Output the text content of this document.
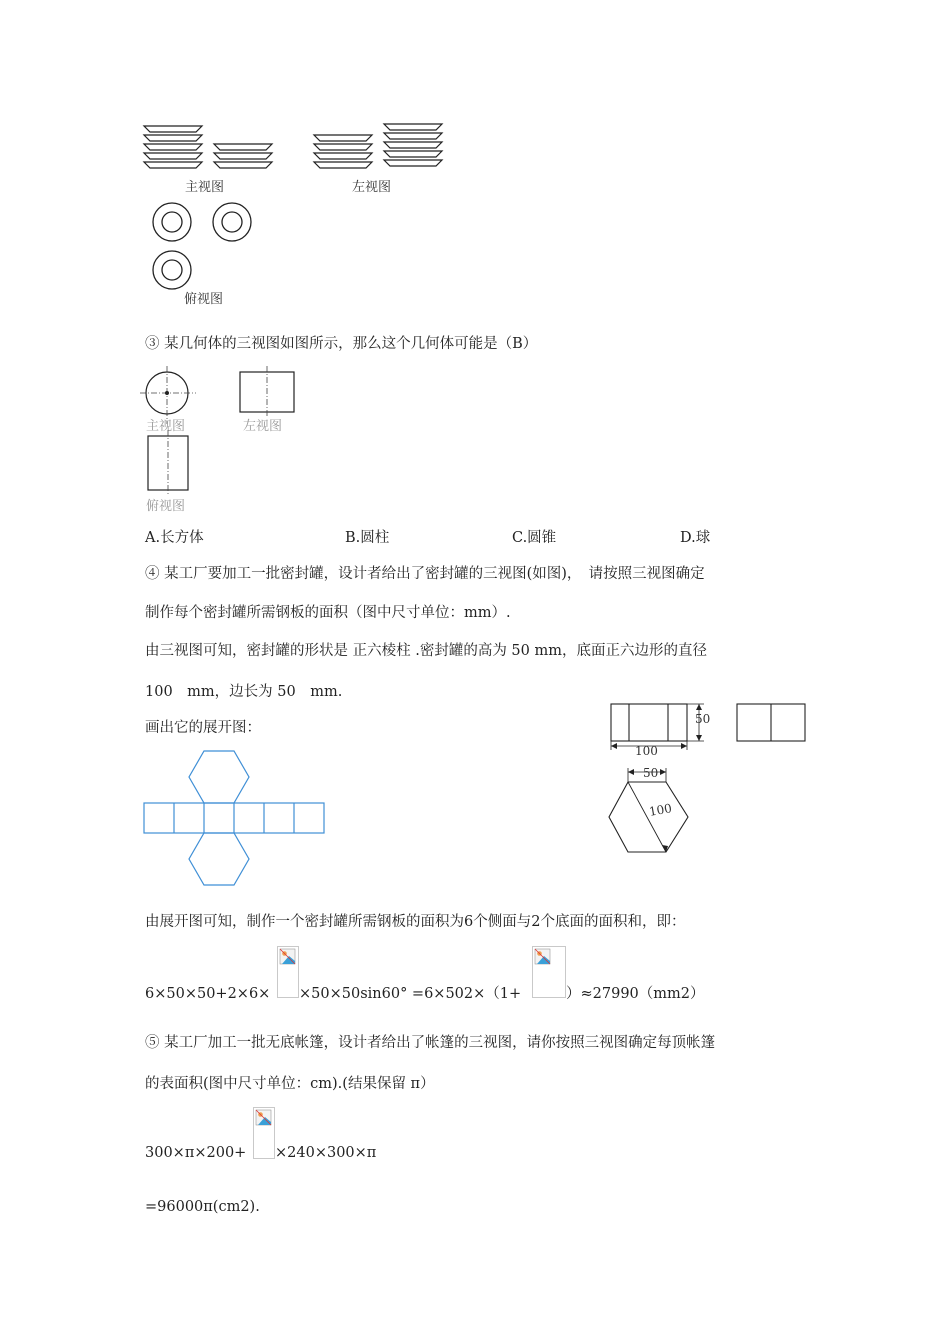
主视图	左视图
俯视图
③ 某几何体的三视图如图所示，那么这个几何体可能是（B）
主视图	左视图
俯视图
A.长方体	B.圆柱	C.圆锥	D.球
④ 某工厂要加工一批密封罐，设计者给出了密封罐的三视图(如图)，　请按照三视图确定
制作每个密封罐所需钢板的面积（图中尺寸单位：mm）.
由三视图可知，密封罐的形状是 正六棱柱 .密封罐的高为 50 mm，底面正六边形的直径
100　mm，边长为 50　mm.
画出它的展开图：
50
100
50
100
由展开图可知，制作一个密封罐所需钢板的面积为6个侧面与2个底面的面积和，即：
6×50×50+2×6× ×50×50sin60° =6×502×（1+	）≈27990（mm2）
⑤ 某工厂加工一批无底帐篷，设计者给出了帐篷的三视图，请你按照三视图确定每顶帐篷
的表面积(图中尺寸单位：cm).(结果保留 π）
300×π×200+ ×240×300×π
=96000π(cm2).
